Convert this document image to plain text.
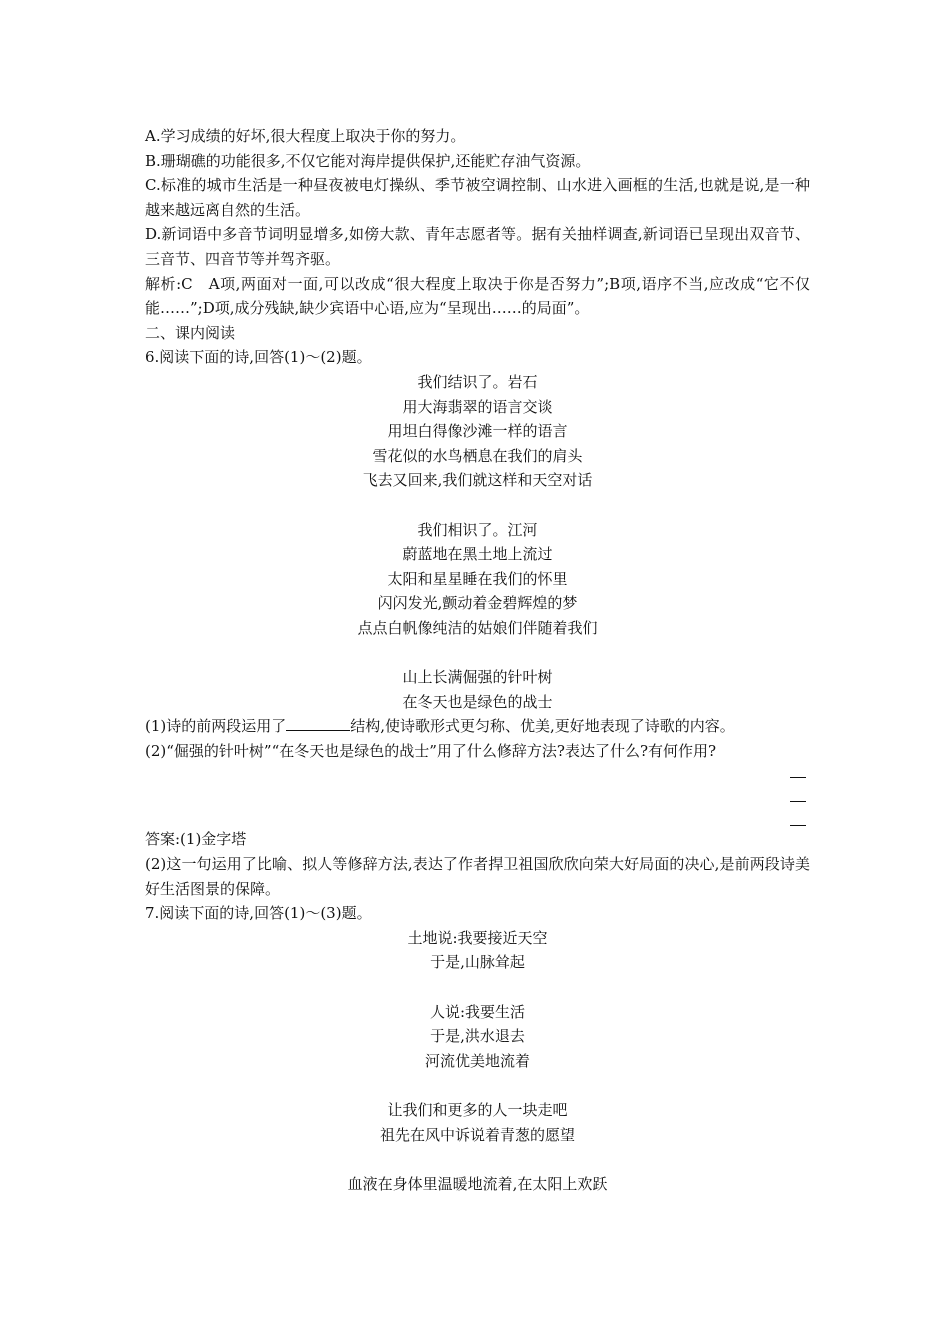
A.学习成绩的好坏,很大程度上取决于你的努力。

B.珊瑚礁的功能很多,不仅它能对海岸提供保护,还能贮存油气资源。

C.标准的城市生活是一种昼夜被电灯操纵、季节被空调控制、山水进入画框的生活,也就是说,是一种越来越远离自然的生活。

D.新词语中多音节词明显增多,如傍大款、青年志愿者等。据有关抽样调查,新词语已呈现出双音节、三音节、四音节等并驾齐驱。

解析:C　A项,两面对一面,可以改成“很大程度上取决于你是否努力”;B项,语序不当,应改成“它不仅能……”;D项,成分残缺,缺少宾语中心语,应为“呈现出……的局面”。

二、课内阅读

6.阅读下面的诗,回答(1)～(2)题。

我们结识了。岩石

用大海翡翠的语言交谈

用坦白得像沙滩一样的语言

雪花似的水鸟栖息在我们的肩头

飞去又回来,我们就这样和天空对话

我们相识了。江河

蔚蓝地在黑土地上流过

太阳和星星睡在我们的怀里

闪闪发光,颤动着金碧辉煌的梦

点点白帆像纯洁的姑娘们伴随着我们

山上长满倔强的针叶树

在冬天也是绿色的战士

(1)诗的前两段运用了	结构,使诗歌形式更匀称、优美,更好地表现了诗歌的内容。

(2)“倔强的针叶树”“在冬天也是绿色的战士”用了什么修辞方法?表达了什么?有何作用?

答案:(1)金字塔

(2)这一句运用了比喻、拟人等修辞方法,表达了作者捍卫祖国欣欣向荣大好局面的决心,是前两段诗美好生活图景的保障。

7.阅读下面的诗,回答(1)～(3)题。

土地说:我要接近天空

于是,山脉耸起

人说:我要生活

于是,洪水退去

河流优美地流着

让我们和更多的人一块走吧

祖先在风中诉说着青葱的愿望

血液在身体里温暖地流着,在太阳上欢跃
